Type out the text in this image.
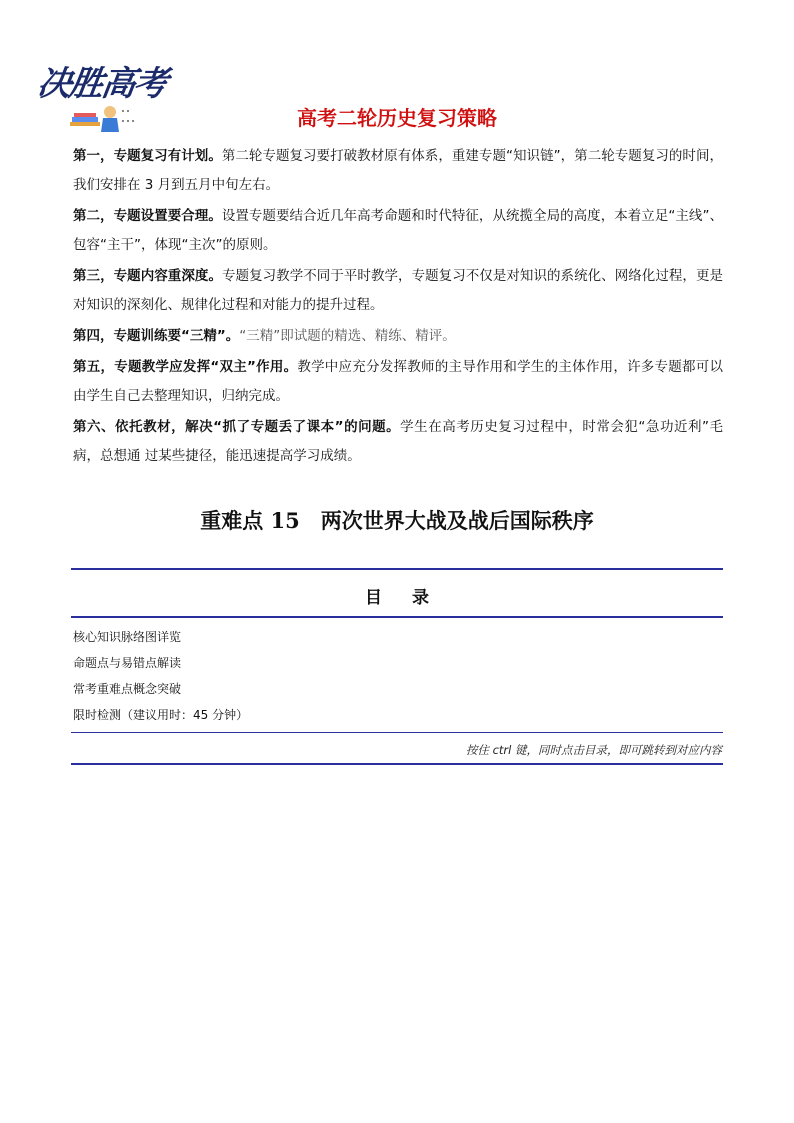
决胜高考
高考二轮历史复习策略

第一，专题复习有计划。第二轮专题复习要打破教材原有体系，重建专题“知识链”，第二轮专题复习的时间，我们安排在 3 月到五月中旬左右。

第二，专题设置要合理。设置专题要结合近几年高考命题和时代特征，从统揽全局的高度，本着立足“主线”、包容“主干”，体现“主次”的原则。

第三，专题内容重深度。专题复习教学不同于平时教学，专题复习不仅是对知识的系统化、网络化过程，更是对知识的深刻化、规律化过程和对能力的提升过程。

第四，专题训练要“三精”。“三精”即试题的精选、精练、精评。

第五，专题教学应发挥“双主”作用。教学中应充分发挥教师的主导作用和学生的主体作用，许多专题都可以由学生自己去整理知识，归纳完成。

第六、依托教材，解决“抓了专题丢了课本”的问题。学生在高考历史复习过程中，时常会犯“急功近利”毛病，总想通 过某些捷径，能迅速提高学习成绩。

重难点 15　两次世界大战及战后国际秩序
目 录
核心知识脉络图详览
命题点与易错点解读
常考重难点概念突破
限时检测（建议用时：45 分钟）
按住 ctrl 键，同时点击目录，即可跳转到对应内容
